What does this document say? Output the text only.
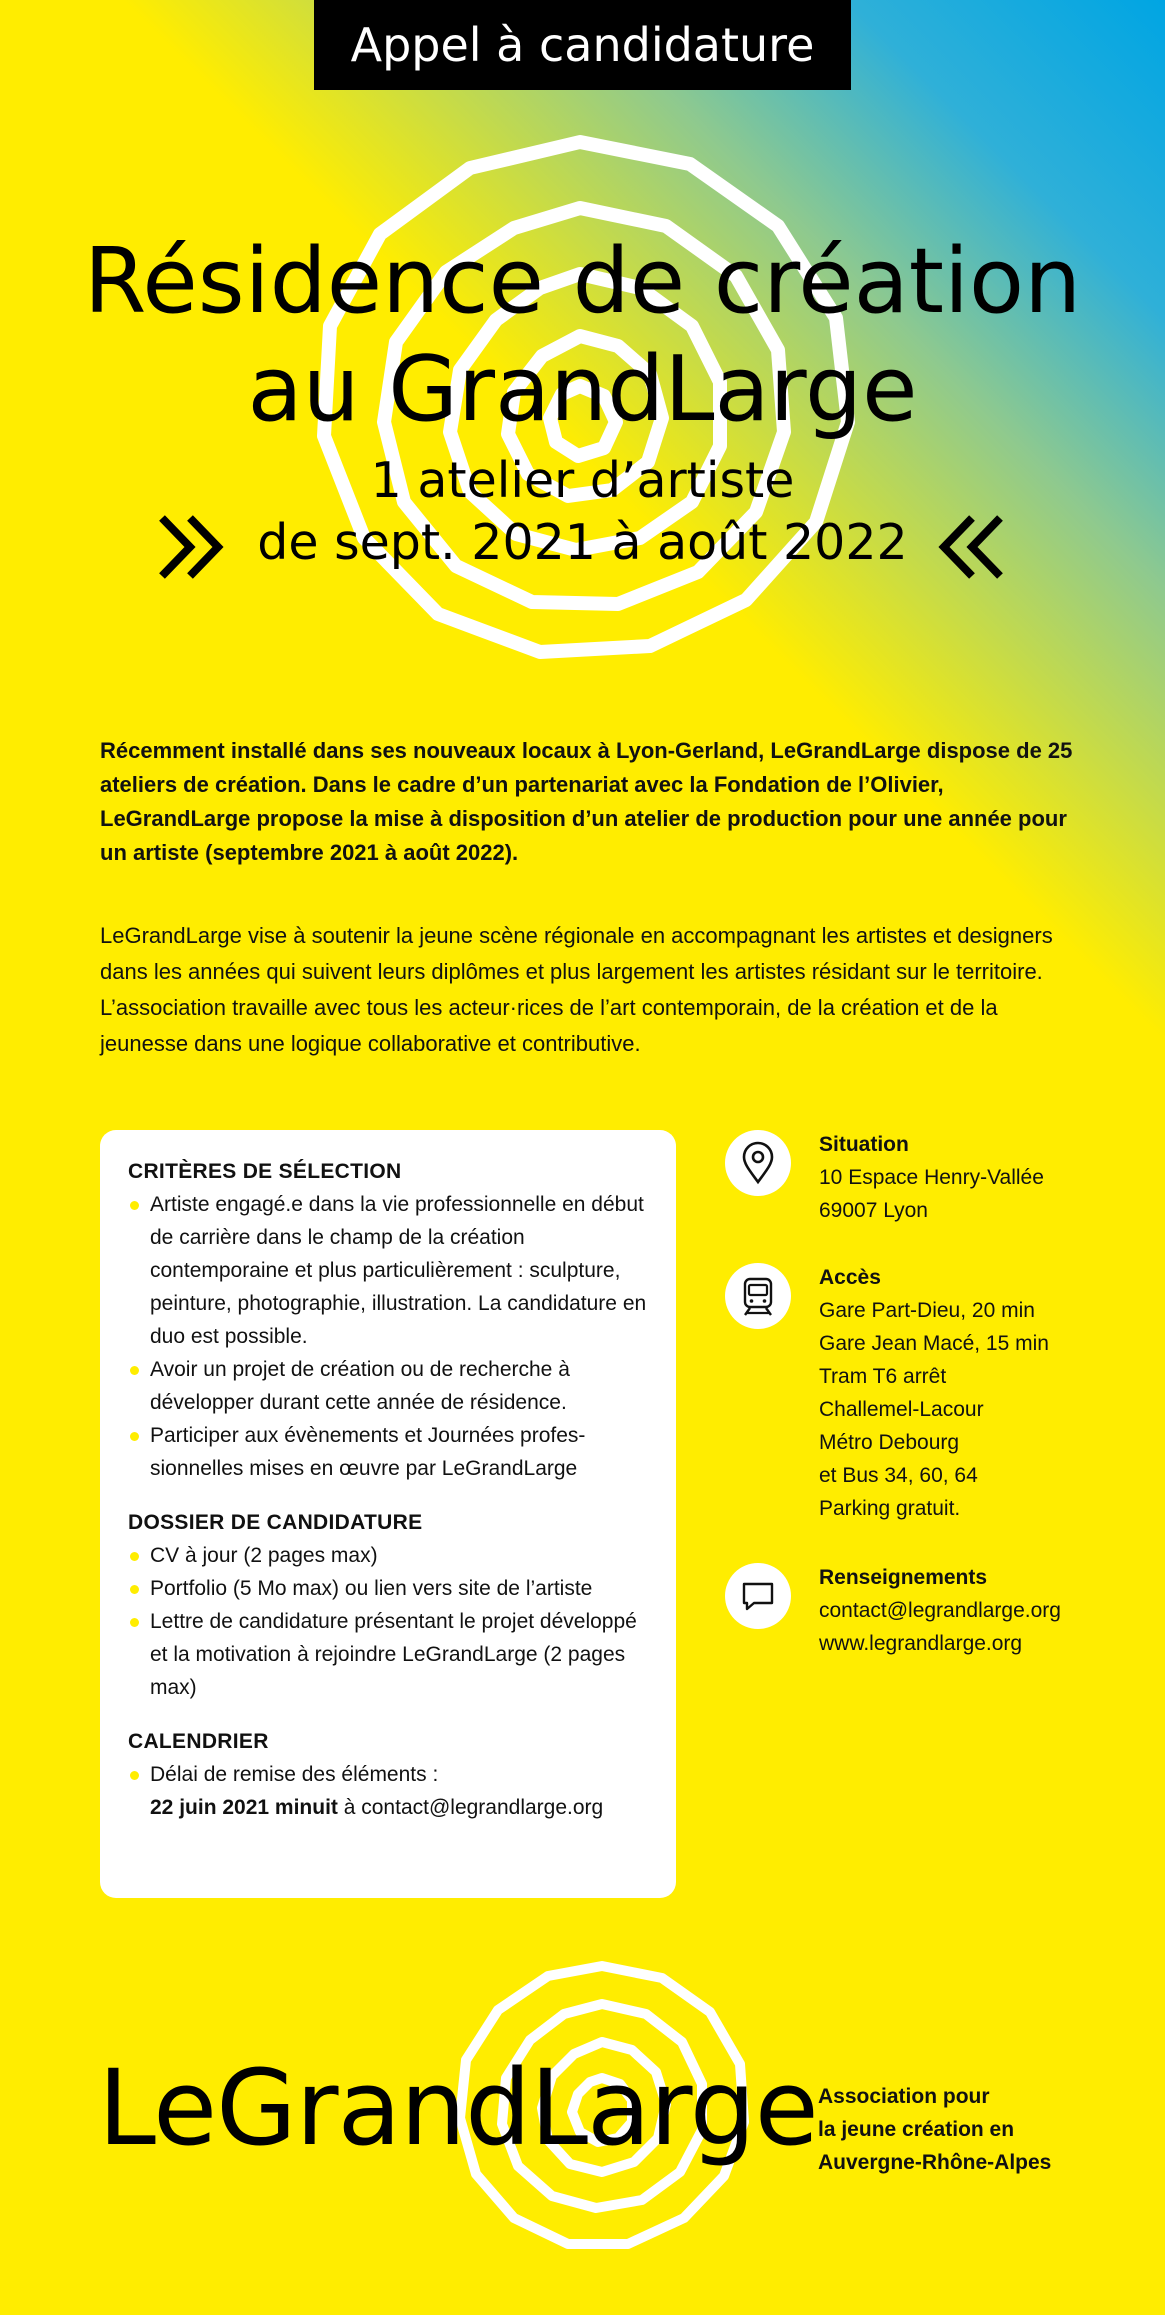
Appel à candidature
Résidence de création
au GrandLarge
1 atelier d’artiste
de sept. 2021 à août 2022
Récemment installé dans ses nouveaux locaux à Lyon-Gerland, LeGrandLarge dispose de 25 ateliers de création. Dans le cadre d’un partenariat avec la Fondation de l’Olivier, LeGrandLarge propose la mise à disposition d’un atelier de production pour une année pour un artiste (septembre 2021 à août 2022).
LeGrandLarge vise à soutenir la jeune scène régionale en accompagnant les artistes et designers dans les années qui suivent leurs diplômes et plus largement les artistes résidant sur le territoire. L’association travaille avec tous les acteur·rices de l’art contemporain, de la création et de la jeunesse dans une logique collaborative et contributive.
CRITÈRES DE SÉLECTION
Artiste engagé.e dans la vie professionnelle en début de carrière dans le champ de la création contemporaine et plus particulièrement : sculpture, peinture, photographie, illustration. La candidature en duo est possible.
Avoir un projet de création ou de recherche à développer durant cette année de résidence.
Participer aux évènements et Journées profes-sionnelles mises en œuvre par LeGrandLarge
DOSSIER DE CANDIDATURE
CV à jour (2 pages max)
Portfolio (5 Mo max) ou lien vers site de l’artiste
Lettre de candidature présentant le projet développé et la motivation à rejoindre LeGrandLarge (2 pages max)
CALENDRIER
Délai de remise des éléments :
22 juin 2021 minuit à contact@legrandlarge.org
Situation
10 Espace Henry-Vallée
69007 Lyon
Accès
Gare Part-Dieu, 20 min
Gare Jean Macé, 15 min
Tram T6 arrêt
Challemel-Lacour
Métro Debourg
et Bus 34, 60, 64
Parking gratuit.
Renseignements
contact@legrandlarge.org
www.legrandlarge.org
LeGrandLarge Association pour
la jeune création en
Auvergne-Rhône-Alpes
